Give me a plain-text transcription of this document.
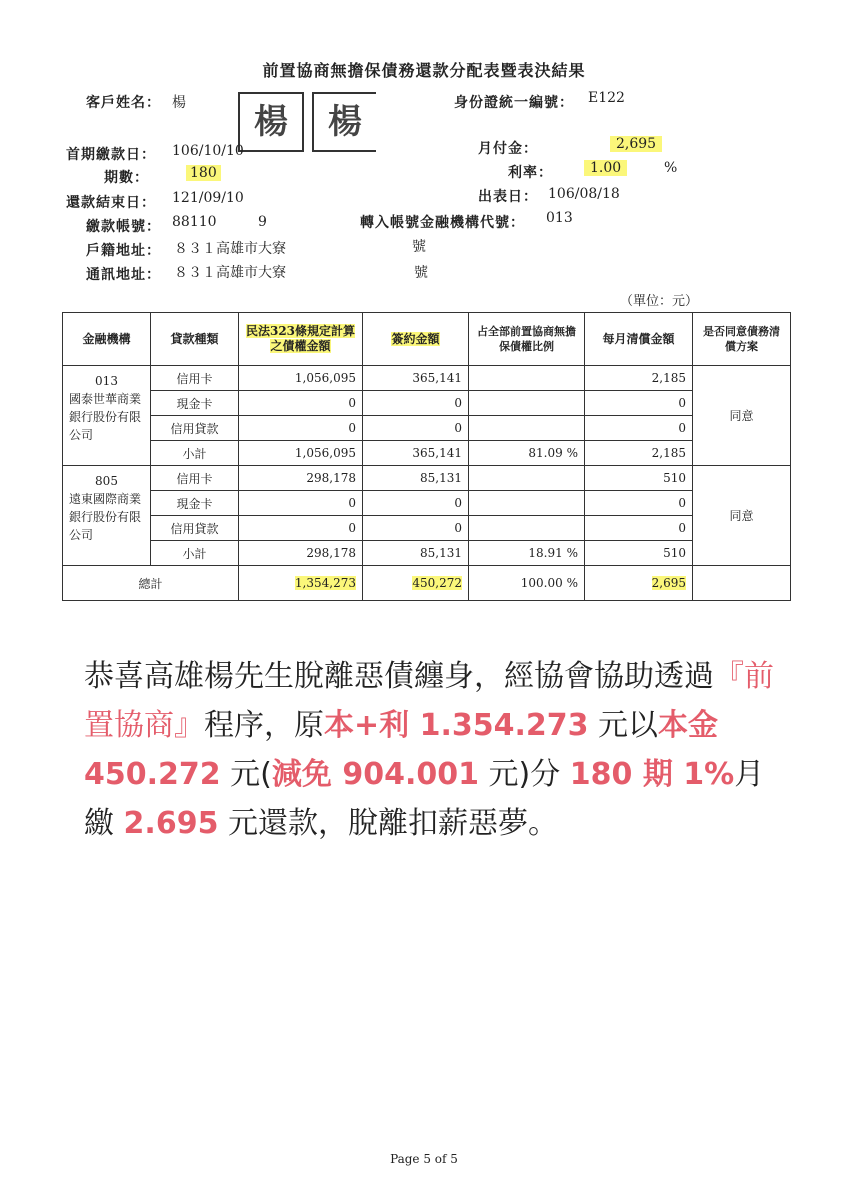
前置協商無擔保債務還款分配表暨表決結果
客戶姓名： 楊	楊	楊	身份證統一編號： E122
首期繳款日： 106/10/10	月付金：	2,695
期數：	180	利率：	1.00	%
還款結束日： 121/09/10	出表日： 106/08/18
繳款帳號： 88110	9	轉入帳號金融機構代號： 013
戶籍地址： ８３１高雄市大寮	號
通訊地址： ８３１高雄市大寮	號
（單位：元）
金融機構	貸款種類	民法323條規定計算之債權金額	簽約金額	占全部前置協商無擔保債權比例	每月清償金額	是否同意債務清償方案

013
國泰世華商業銀行股份有限公司	信用卡	1,056,095	365,141		2,185	同意
	現金卡	0	0		0	
	信用貸款	0	0		0	
	小計	1,056,095	365,141	81.09 %	2,185	

805
遠東國際商業銀行股份有限公司	信用卡	298,178	85,131		510	同意
	現金卡	0	0		0	
	信用貸款	0	0		0	
	小計	298,178	85,131	18.91 %	510	
總計		1,354,273	450,272	100.00 %	2,695	
恭喜高雄楊先生脫離惡債纏身，經協會協助透過『前置協商』程序，原本+利 1.354.273 元以本金 450.272 元(減免 904.001 元)分 180 期 1%月繳 2.695 元還款，脫離扣薪惡夢。
Page 5 of 5
